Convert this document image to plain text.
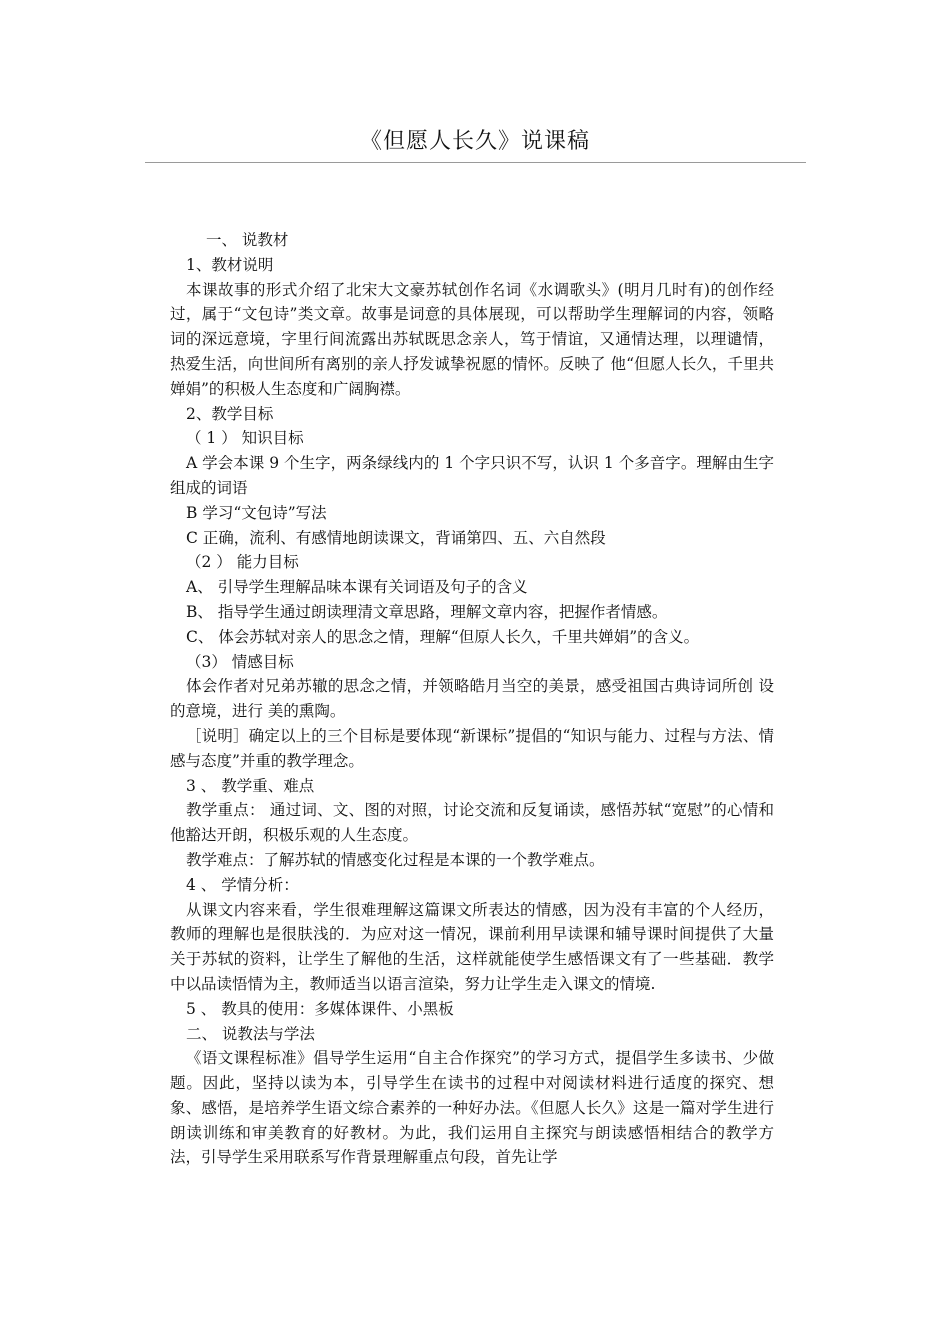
《但愿人长久》说课稿

一、 说教材

1、教材说明

本课故事的形式介绍了北宋大文豪苏轼创作名词《水调歌头》(明月几时有)的创作经过，属于“文包诗”类文章。故事是词意的具体展现，可以帮助学生理解词的内容，领略词的深远意境，字里行间流露出苏轼既思念亲人，笃于情谊，又通情达理，以理谴情，热爱生活，向世间所有离别的亲人抒发诚挚祝愿的情怀。反映了 他“但愿人长久，千里共婵娟”的积极人生态度和广阔胸襟。

2、教学目标

（ 1 ） 知识目标

A 学会本课 9 个生字，两条绿线内的 1 个字只识不写，认识 1 个多音字。理解由生字 组成的词语

B 学习“文包诗”写法

C 正确，流利、有感情地朗读课文，背诵第四、五、六自然段

（2 ） 能力目标

A、 引导学生理解品味本课有关词语及句子的含义

B、 指导学生通过朗读理清文章思路，理解文章内容，把握作者情感。

C、 体会苏轼对亲人的思念之情，理解“但原人长久，千里共婵娟”的含义。

（3） 情感目标

体会作者对兄弟苏辙的思念之情，并领略皓月当空的美景，感受祖国古典诗词所创 设的意境，进行 美的熏陶。

［说明］确定以上的三个目标是要体现“新课标”提倡的“知识与能力、过程与方法、情感与态度”并重的教学理念。

3 、 教学重、难点

教学重点： 通过词、文、图的对照，讨论交流和反复诵读，感悟苏轼“宽慰”的心情和他豁达开朗，积极乐观的人生态度。

教学难点：了解苏轼的情感变化过程是本课的一个教学难点。

4 、 学情分析：

从课文内容来看，学生很难理解这篇课文所表达的情感，因为没有丰富的个人经历，教师的理解也是很肤浅的．为应对这一情况，课前利用早读课和辅导课时间提供了大量关于苏轼的资料，让学生了解他的生活，这样就能使学生感悟课文有了一些基础．教学中以品读悟情为主，教师适当以语言渲染，努力让学生走入课文的情境.

5 、 教具的使用：多媒体课件、小黑板

二、 说教法与学法

《语文课程标准》倡导学生运用“自主合作探究”的学习方式，提倡学生多读书、少做题。因此，坚持以读为本，引导学生在读书的过程中对阅读材料进行适度的探究、想象、感悟，是培养学生语文综合素养的一种好办法。《但愿人长久》这是一篇对学生进行朗读训练和审美教育的好教材。为此，我们运用自主探究与朗读感悟相结合的教学方法，引导学生采用联系写作背景理解重点句段，首先让学
